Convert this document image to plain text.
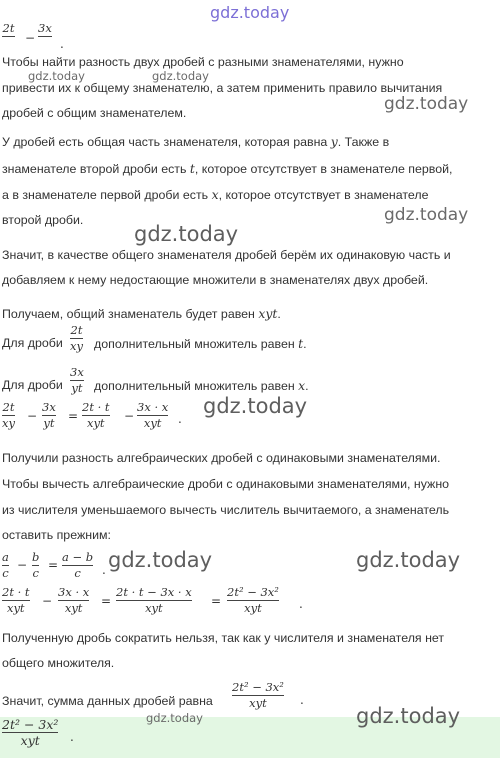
gdz.today
2t
−
3x
.
Чтобы найти разность двух дробей с разными знаменателями, нужно
gdz.today	gdz.today
привести их к общему знаменателю, а затем применить правило вычитания
gdz.today
дробей с общим знаменателем.
У дробей есть общая часть знаменателя, которая равна y. Также в
знаменателе второй дроби есть t, которое отсутствует в знаменателе первой,
а в знаменателе первой дроби есть x, которое отсутствует в знаменателе
gdz.today
второй дроби.
gdz.today
Значит, в качестве общего знаменателя дробей берём их одинаковую часть и
добавляем к нему недостающие множители в знаменателях двух дробей.
Получаем, общий знаменатель будет равен xyt.
Для дроби
2t
xy дополнительный множитель равен t.
Для дроби
3x
yt дополнительный множитель равен x.
2t
xy −
3x
yt =
2t · t
xyt −
3x · x
xyt .
gdz.today
Получили разность алгебраических дробей с одинаковыми знаменателями.
Чтобы вычесть алгебраические дроби с одинаковыми знаменателями, нужно
из числителя уменьшаемого вычесть числитель вычитаемого, а знаменатель
оставить прежним:
a
c
−
b
c
=
a − b
c . gdz.today	gdz.today
2t · t
xyt −
3x · x
xyt =
2t · t − 3x · x
xyt	=
2t² − 3x²
xyt	.
Полученную дробь сократить нельзя, так как у числителя и знаменателя нет
общего множителя.
Значит, сумма данных дробей равна
2t² − 3x²
xyt	.
gdz.today	gdz.today
2t² − 3x²
xyt	.
